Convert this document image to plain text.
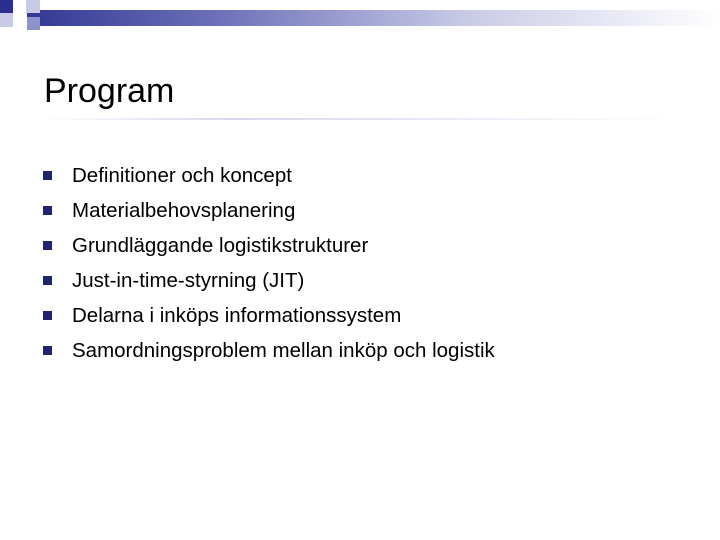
Program
Definitioner och koncept
Materialbehovsplanering
Grundläggande logistikstrukturer
Just-in-time-styrning (JIT)
Delarna i inköps informationssystem
Samordningsproblem mellan inköp och logistik
